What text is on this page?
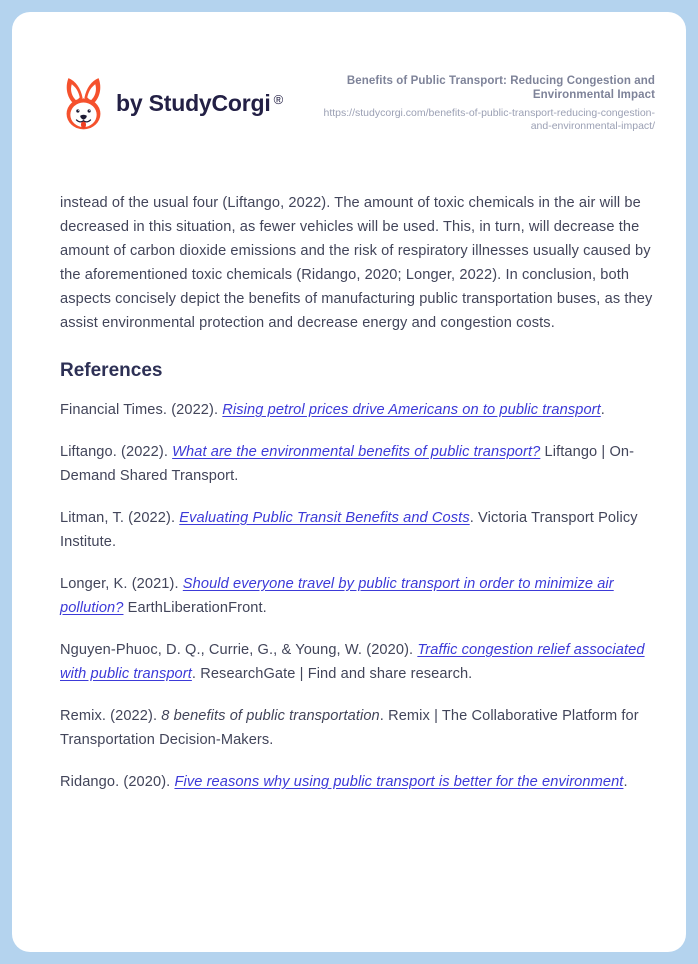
by StudyCorgi ®
Benefits of Public Transport: Reducing Congestion and Environmental Impact
https://studycorgi.com/benefits-of-public-transport-reducing-congestion-and-environmental-impact/

instead of the usual four (Liftango, 2022). The amount of toxic chemicals in the air will be decreased in this situation, as fewer vehicles will be used. This, in turn, will decrease the amount of carbon dioxide emissions and the risk of respiratory illnesses usually caused by the aforementioned toxic chemicals (Ridango, 2020; Longer, 2022). In conclusion, both aspects concisely depict the benefits of manufacturing public transportation buses, as they assist environmental protection and decrease energy and congestion costs.

References

Financial Times. (2022). Rising petrol prices drive Americans on to public transport.

Liftango. (2022). What are the environmental benefits of public transport? Liftango | On-Demand Shared Transport.

Litman, T. (2022). Evaluating Public Transit Benefits and Costs. Victoria Transport Policy Institute.

Longer, K. (2021). Should everyone travel by public transport in order to minimize air pollution? EarthLiberationFront.

Nguyen-Phuoc, D. Q., Currie, G., & Young, W. (2020). Traffic congestion relief associated with public transport. ResearchGate | Find and share research.

Remix. (2022). 8 benefits of public transportation. Remix | The Collaborative Platform for Transportation Decision-Makers.

Ridango. (2020). Five reasons why using public transport is better for the environment.
